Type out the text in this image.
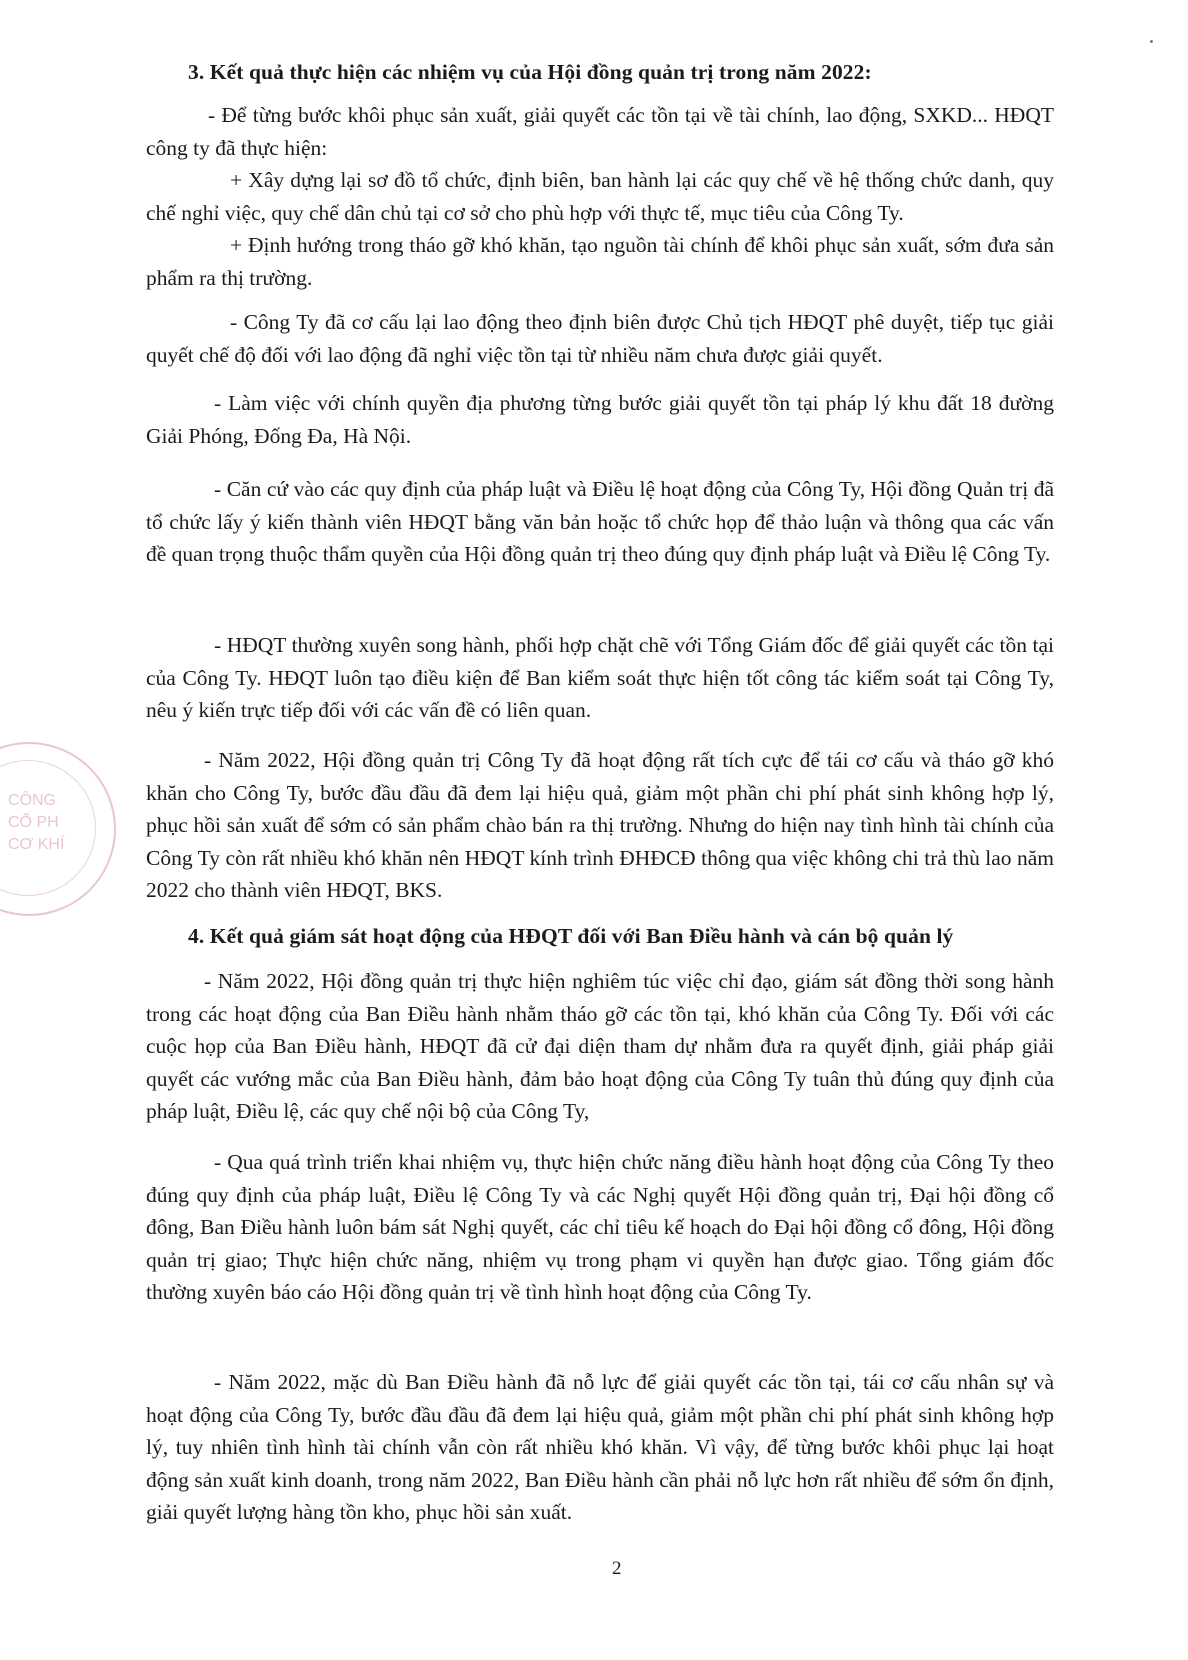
CÔNG
CỔ PH
CƠ KHÍ
3. Kết quả thực hiện các nhiệm vụ của Hội đồng quản trị trong năm 2022:

- Để từng bước khôi phục sản xuất, giải quyết các tồn tại về tài chính, lao động, SXKD... HĐQT công ty đã thực hiện:

+ Xây dựng lại sơ đồ tổ chức, định biên, ban hành lại các quy chế về hệ thống chức danh, quy chế nghỉ việc, quy chế dân chủ tại cơ sở cho phù hợp với thực tế, mục tiêu của Công Ty.

+ Định hướng trong tháo gỡ khó khăn, tạo nguồn tài chính để khôi phục sản xuất, sớm đưa sản phẩm ra thị trường.

- Công Ty đã cơ cấu lại lao động theo định biên được Chủ tịch HĐQT phê duyệt, tiếp tục giải quyết chế độ đối với lao động đã nghỉ việc tồn tại từ nhiều năm chưa được giải quyết.

- Làm việc với chính quyền địa phương từng bước giải quyết tồn tại pháp lý khu đất 18 đường Giải Phóng, Đống Đa, Hà Nội.

- Căn cứ vào các quy định của pháp luật và Điều lệ hoạt động của Công Ty, Hội đồng Quản trị đã tổ chức lấy ý kiến thành viên HĐQT bằng văn bản hoặc tổ chức họp để thảo luận và thông qua các vấn đề quan trọng thuộc thẩm quyền của Hội đồng quản trị theo đúng quy định pháp luật và Điều lệ Công Ty.

- HĐQT thường xuyên song hành, phối hợp chặt chẽ với Tổng Giám đốc để giải quyết các tồn tại của Công Ty. HĐQT luôn tạo điều kiện để Ban kiểm soát thực hiện tốt công tác kiểm soát tại Công Ty, nêu ý kiến trực tiếp đối với các vấn đề có liên quan.

- Năm 2022, Hội đồng quản trị Công Ty đã hoạt động rất tích cực để tái cơ cấu và tháo gỡ khó khăn cho Công Ty, bước đầu đầu đã đem lại hiệu quả, giảm một phần chi phí phát sinh không hợp lý, phục hồi sản xuất để sớm có sản phẩm chào bán ra thị trường. Nhưng do hiện nay tình hình tài chính của Công Ty còn rất nhiều khó khăn nên HĐQT kính trình ĐHĐCĐ thông qua việc không chi trả thù lao năm 2022 cho thành viên HĐQT, BKS.

4. Kết quả giám sát hoạt động của HĐQT đối với Ban Điều hành và cán bộ quản lý

- Năm 2022, Hội đồng quản trị thực hiện nghiêm túc việc chỉ đạo, giám sát đồng thời song hành trong các hoạt động của Ban Điều hành nhằm tháo gỡ các tồn tại, khó khăn của Công Ty. Đối với các cuộc họp của Ban Điều hành, HĐQT đã cử đại diện tham dự nhằm đưa ra quyết định, giải pháp giải quyết các vướng mắc của Ban Điều hành, đảm bảo hoạt động của Công Ty tuân thủ đúng quy định của pháp luật, Điều lệ, các quy chế nội bộ của Công Ty,

- Qua quá trình triển khai nhiệm vụ, thực hiện chức năng điều hành hoạt động của Công Ty theo đúng quy định của pháp luật, Điều lệ Công Ty và các Nghị quyết Hội đồng quản trị, Đại hội đồng cổ đông, Ban Điều hành luôn bám sát Nghị quyết, các chỉ tiêu kế hoạch do Đại hội đồng cổ đông, Hội đồng quản trị giao; Thực hiện chức năng, nhiệm vụ trong phạm vi quyền hạn được giao. Tổng giám đốc thường xuyên báo cáo Hội đồng quản trị về tình hình hoạt động của Công Ty.

- Năm 2022, mặc dù Ban Điều hành đã nỗ lực để giải quyết các tồn tại, tái cơ cấu nhân sự và hoạt động của Công Ty, bước đầu đầu đã đem lại hiệu quả, giảm một phần chi phí phát sinh không hợp lý, tuy nhiên tình hình tài chính vẫn còn rất nhiều khó khăn. Vì vậy, để từng bước khôi phục lại hoạt động sản xuất kinh doanh, trong năm 2022, Ban Điều hành cần phải nỗ lực hơn rất nhiều để sớm ổn định, giải quyết lượng hàng tồn kho, phục hồi sản xuất.

2
